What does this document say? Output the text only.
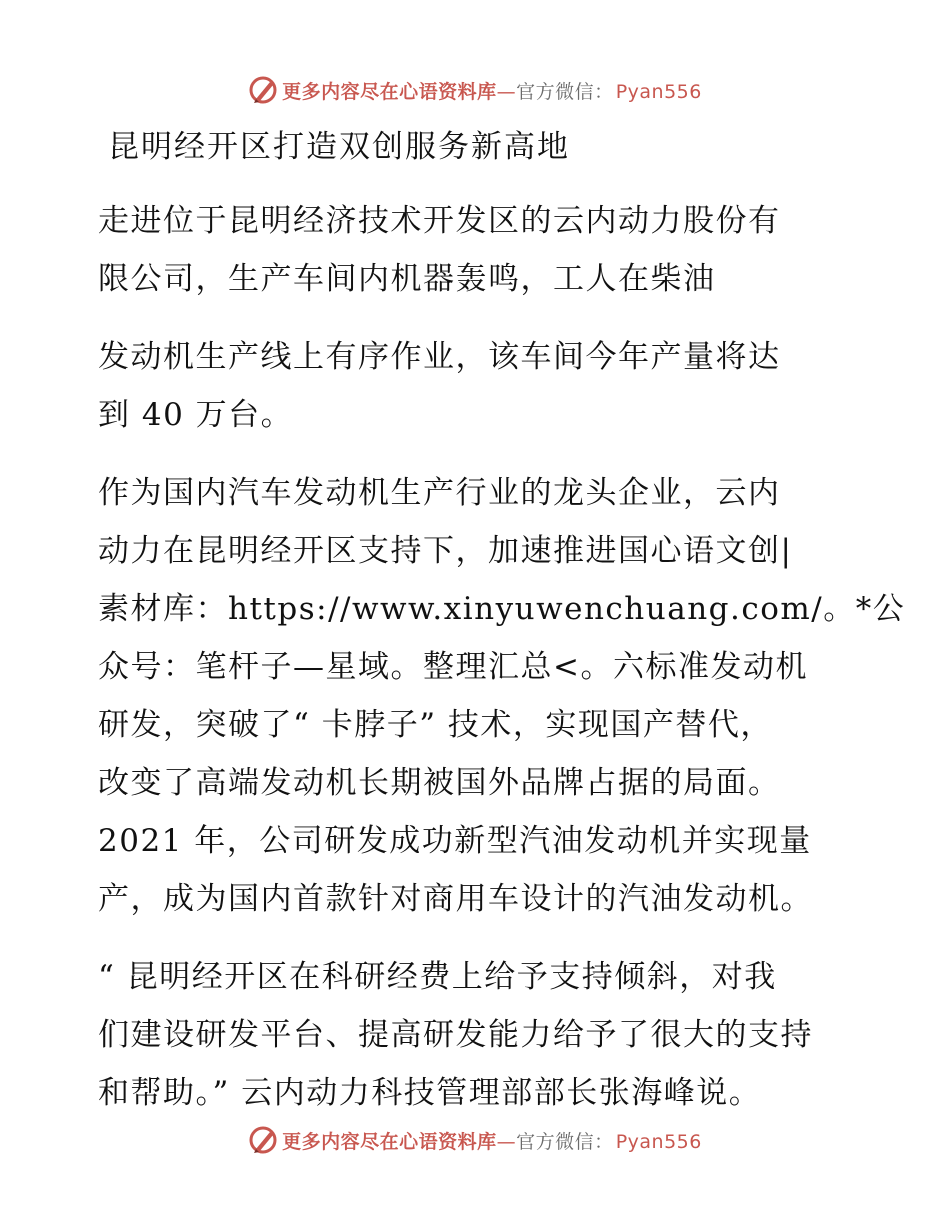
更多内容尽在心语资料库—官方微信： Pyan556
昆明经开区打造双创服务新高地

走进位于昆明经济技术开发区的云内动力股份有

限公司，生产车间内机器轰鸣，工人在柴油

发动机生产线上有序作业，该车间今年产量将达

到 40 万台。

作为国内汽车发动机生产行业的龙头企业，云内

动力在昆明经开区支持下，加速推进国心语文创|

素材库：https://www.xinyuwenchuang.com/。*公

众号：笔杆子—星域。整理汇总<。六标准发动机

研发，突破了“ 卡脖子” 技术，实现国产替代，

改变了高端发动机长期被国外品牌占据的局面。

2021 年，公司研发成功新型汽油发动机并实现量

产，成为国内首款针对商用车设计的汽油发动机。

“ 昆明经开区在科研经费上给予支持倾斜，对我

们建设研发平台、提高研发能力给予了很大的支持

和帮助。” 云内动力科技管理部部长张海峰说。

更多内容尽在心语资料库—官方微信： Pyan556
